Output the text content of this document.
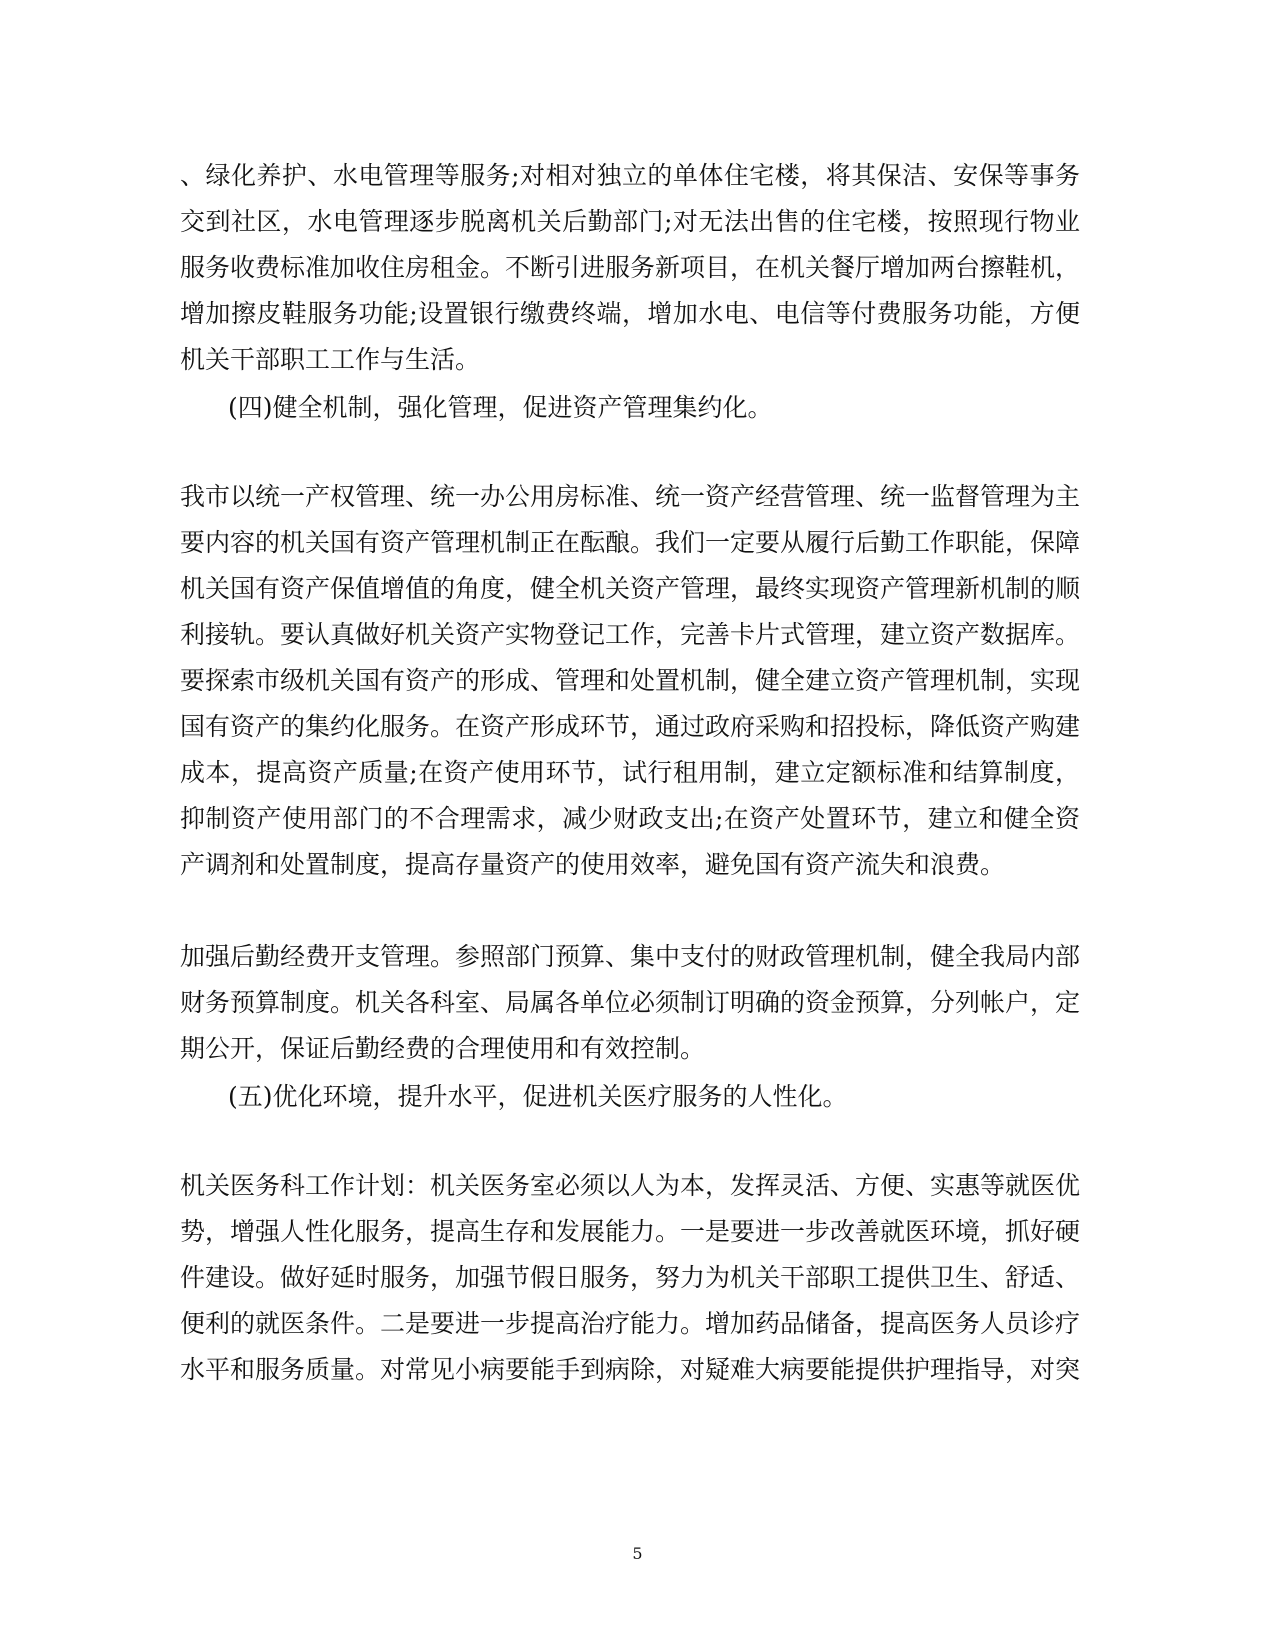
、绿化养护、水电管理等服务;对相对独立的单体住宅楼，将其保洁、安保等事务
交到社区，水电管理逐步脱离机关后勤部门;对无法出售的住宅楼，按照现行物业
服务收费标准加收住房租金。不断引进服务新项目，在机关餐厅增加两台擦鞋机，
增加擦皮鞋服务功能;设置银行缴费终端，增加水电、电信等付费服务功能，方便
机关干部职工工作与生活。
(四)健全机制，强化管理，促进资产管理集约化。
我市以统一产权管理、统一办公用房标准、统一资产经营管理、统一监督管理为主
要内容的机关国有资产管理机制正在酝酿。我们一定要从履行后勤工作职能，保障
机关国有资产保值增值的角度，健全机关资产管理，最终实现资产管理新机制的顺
利接轨。要认真做好机关资产实物登记工作，完善卡片式管理，建立资产数据库。
要探索市级机关国有资产的形成、管理和处置机制，健全建立资产管理机制，实现
国有资产的集约化服务。在资产形成环节，通过政府采购和招投标，降低资产购建
成本，提高资产质量;在资产使用环节，试行租用制，建立定额标准和结算制度，
抑制资产使用部门的不合理需求，减少财政支出;在资产处置环节，建立和健全资
产调剂和处置制度，提高存量资产的使用效率，避免国有资产流失和浪费。
加强后勤经费开支管理。参照部门预算、集中支付的财政管理机制，健全我局内部
财务预算制度。机关各科室、局属各单位必须制订明确的资金预算，分列帐户，定
期公开，保证后勤经费的合理使用和有效控制。
(五)优化环境，提升水平，促进机关医疗服务的人性化。
机关医务科工作计划：机关医务室必须以人为本，发挥灵活、方便、实惠等就医优
势，增强人性化服务，提高生存和发展能力。一是要进一步改善就医环境，抓好硬
件建设。做好延时服务，加强节假日服务，努力为机关干部职工提供卫生、舒适、
便利的就医条件。二是要进一步提高治疗能力。增加药品储备，提高医务人员诊疗
水平和服务质量。对常见小病要能手到病除，对疑难大病要能提供护理指导，对突
5
